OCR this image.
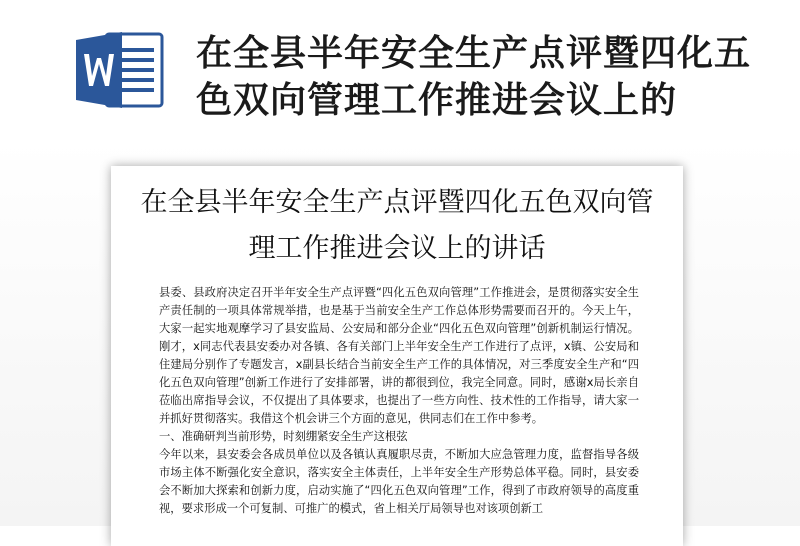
在全县半年安全生产点评暨四化五色双向管理工作推进会议上的
在全县半年安全生产点评暨四化五色双向管理工作推进会议上的讲话

县委、县政府决定召开半年安全生产点评暨“四化五色双向管理”工作推进会，是贯彻落实安全生产责任制的一项具体常规举措，也是基于当前安全生产工作总体形势需要而召开的。今天上午，大家一起实地观摩学习了县安监局、公安局和部分企业“四化五色双向管理”创新机制运行情况。刚才，x同志代表县安委办对各镇、各有关部门上半年安全生产工作进行了点评，x镇、公安局和住建局分别作了专题发言，x副县长结合当前安全生产工作的具体情况，对三季度安全生产和“四化五色双向管理”创新工作进行了安排部署，讲的都很到位，我完全同意。同时，感谢x局长亲自莅临出席指导会议，不仅提出了具体要求，也提出了一些方向性、技术性的工作指导，请大家一并抓好贯彻落实。我借这个机会讲三个方面的意见，供同志们在工作中参考。

一、准确研判当前形势，时刻绷紧安全生产这根弦

今年以来，县安委会各成员单位以及各镇认真履职尽责，不断加大应急管理力度，监督指导各级市场主体不断强化安全意识，落实安全主体责任，上半年安全生产形势总体平稳。同时，县安委会不断加大探索和创新力度，启动实施了“四化五色双向管理”工作，得到了市政府领导的高度重视，要求形成一个可复制、可推广的模式，省上相关厅局领导也对该项创新工
